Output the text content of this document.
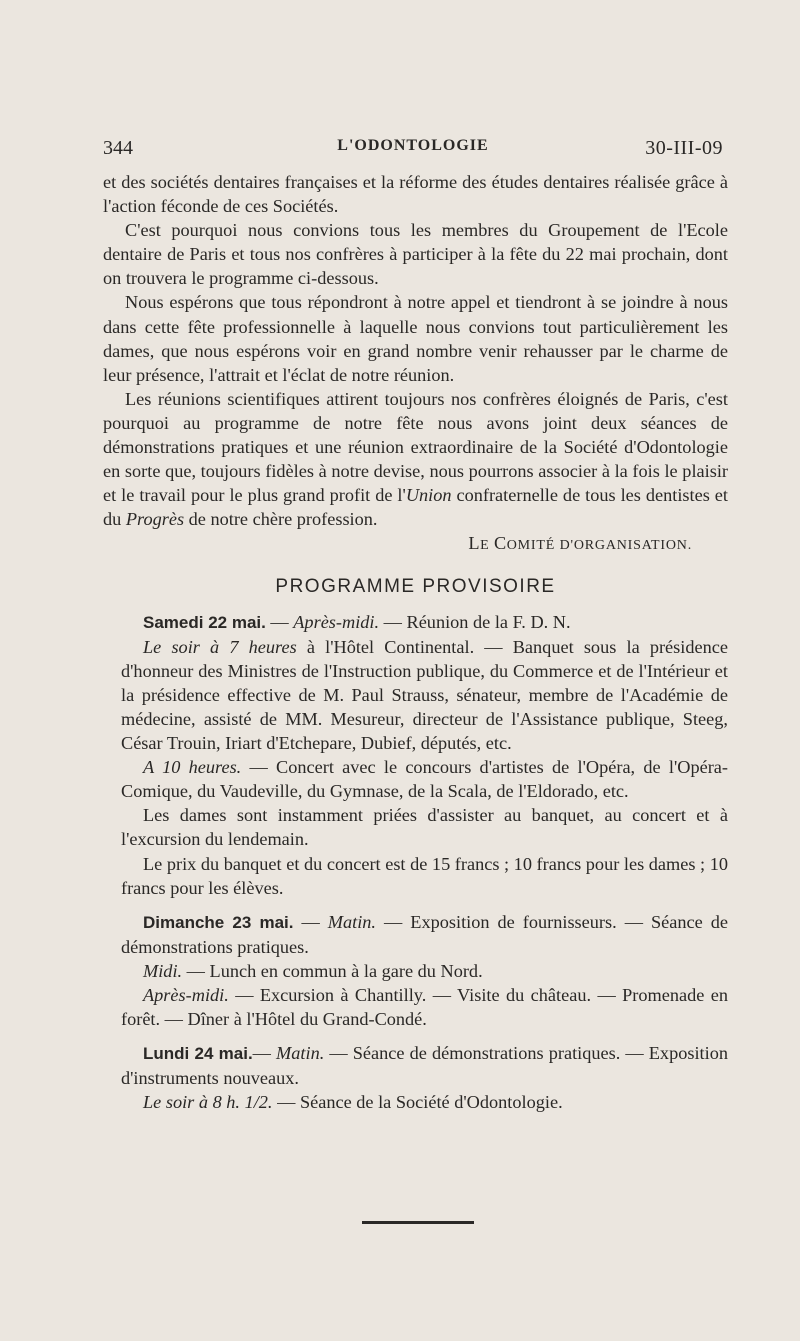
344	L'ODONTOLOGIE	30-III-09

et des sociétés dentaires françaises et la réforme des études dentaires réalisée grâce à l'action féconde de ces Sociétés.

C'est pourquoi nous convions tous les membres du Groupement de l'Ecole dentaire de Paris et tous nos confrères à participer à la fête du 22 mai prochain, dont on trouvera le programme ci-dessous.

Nous espérons que tous répondront à notre appel et tiendront à se joindre à nous dans cette fête professionnelle à laquelle nous convions tout particulièrement les dames, que nous espérons voir en grand nombre venir rehausser par le charme de leur présence, l'attrait et l'éclat de notre réunion.

Les réunions scientifiques attirent toujours nos confrères éloignés de Paris, c'est pourquoi au programme de notre fête nous avons joint deux séances de démonstrations pratiques et une réunion extraordinaire de la Société d'Odontologie en sorte que, toujours fidèles à notre devise, nous pourrons associer à la fois le plaisir et le travail pour le plus grand profit de l'Union confraternelle de tous les dentistes et du Progrès de notre chère profession.

LE COMITÉ D'ORGANISATION.
PROGRAMME PROVISOIRE

Samedi 22 mai. — Après-midi. — Réunion de la F. D. N.

Le soir à 7 heures à l'Hôtel Continental. — Banquet sous la présidence d'honneur des Ministres de l'Instruction publique, du Commerce et de l'Intérieur et la présidence effective de M. Paul Strauss, sénateur, membre de l'Académie de médecine, assisté de MM. Mesureur, directeur de l'Assistance publique, Steeg, César Trouin, Iriart d'Etchepare, Dubief, députés, etc.

A 10 heures. — Concert avec le concours d'artistes de l'Opéra, de l'Opéra-Comique, du Vaudeville, du Gymnase, de la Scala, de l'Eldorado, etc.

Les dames sont instamment priées d'assister au banquet, au concert et à l'excursion du lendemain.

Le prix du banquet et du concert est de 15 francs ; 10 francs pour les dames ; 10 francs pour les élèves.

Dimanche 23 mai. — Matin. — Exposition de fournisseurs. — Séance de démonstrations pratiques.

Midi. — Lunch en commun à la gare du Nord.

Après-midi. — Excursion à Chantilly. — Visite du château. — Promenade en forêt. — Dîner à l'Hôtel du Grand-Condé.

Lundi 24 mai.— Matin. — Séance de démonstrations pratiques. — Exposition d'instruments nouveaux.

Le soir à 8 h. 1/2. — Séance de la Société d'Odontologie.
